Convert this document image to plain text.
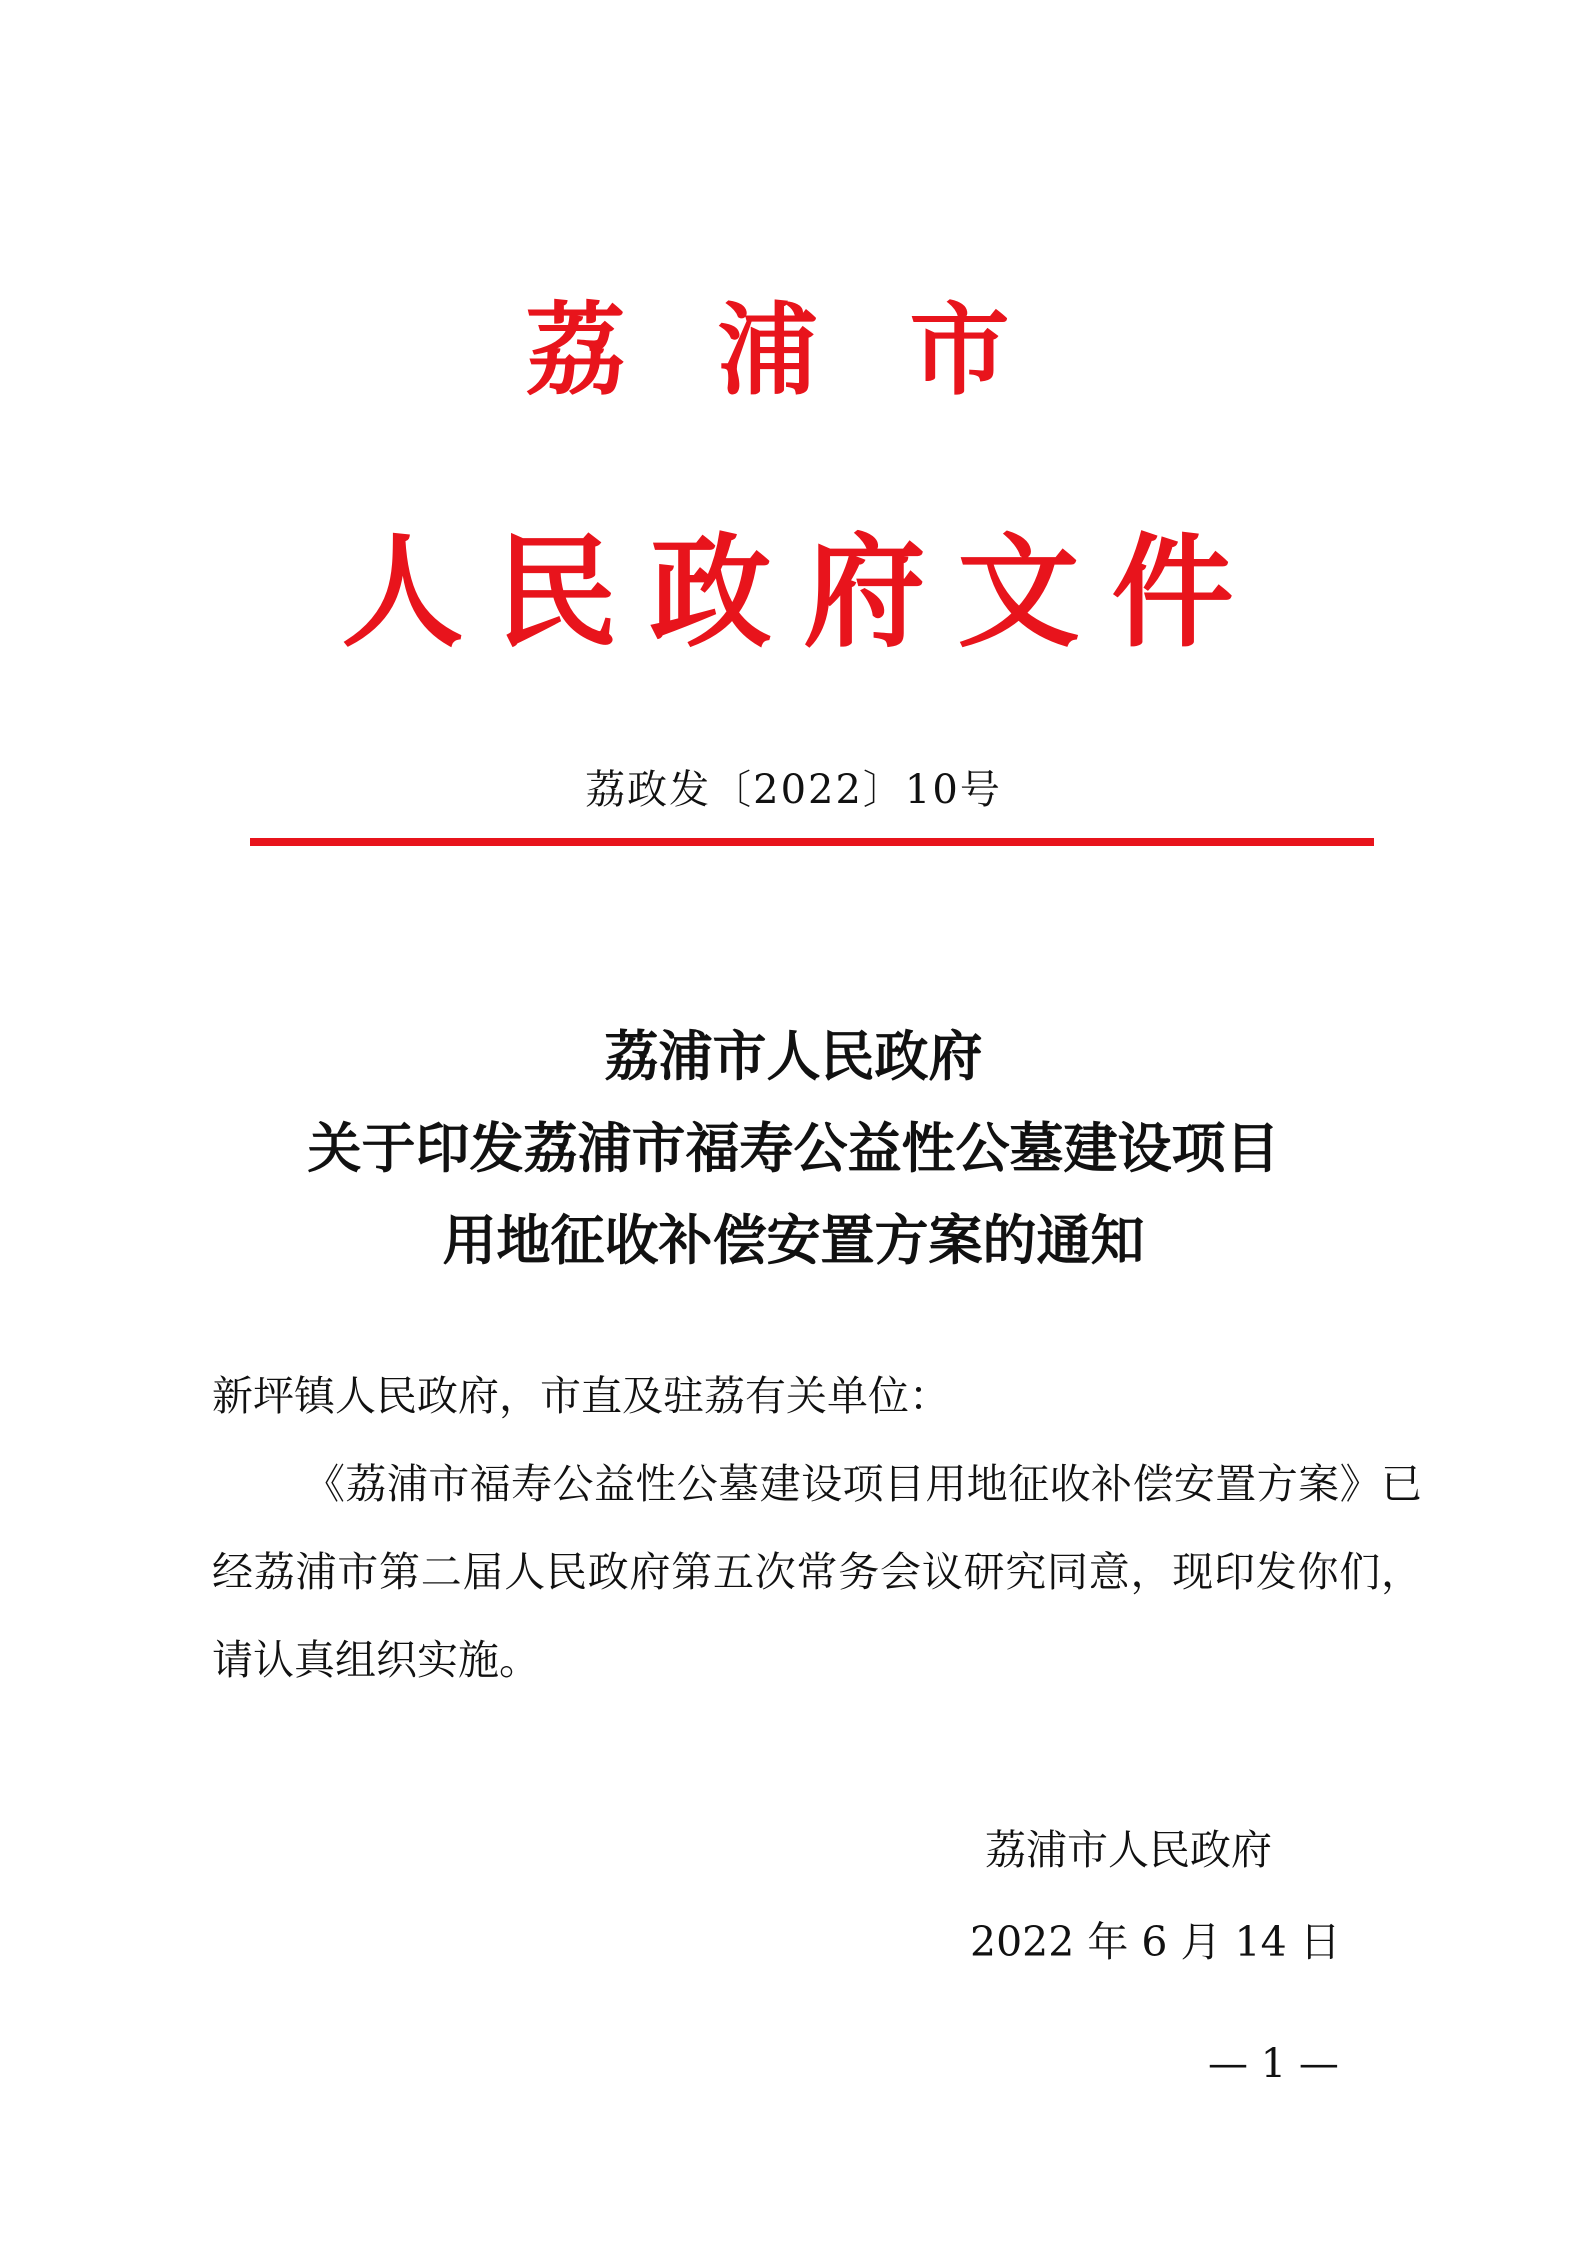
荔浦市
人民政府文件
荔政发〔2022〕10号
荔浦市人民政府
关于印发荔浦市福寿公益性公墓建设项目
用地征收补偿安置方案的通知
新坪镇人民政府，市直及驻荔有关单位：
《荔浦市福寿公益性公墓建设项目用地征收补偿安置方案》已经荔浦市第二届人民政府第五次常务会议研究同意，现印发你们，请认真组织实施。
荔浦市人民政府
2022 年 6 月 14 日
— 1 —
